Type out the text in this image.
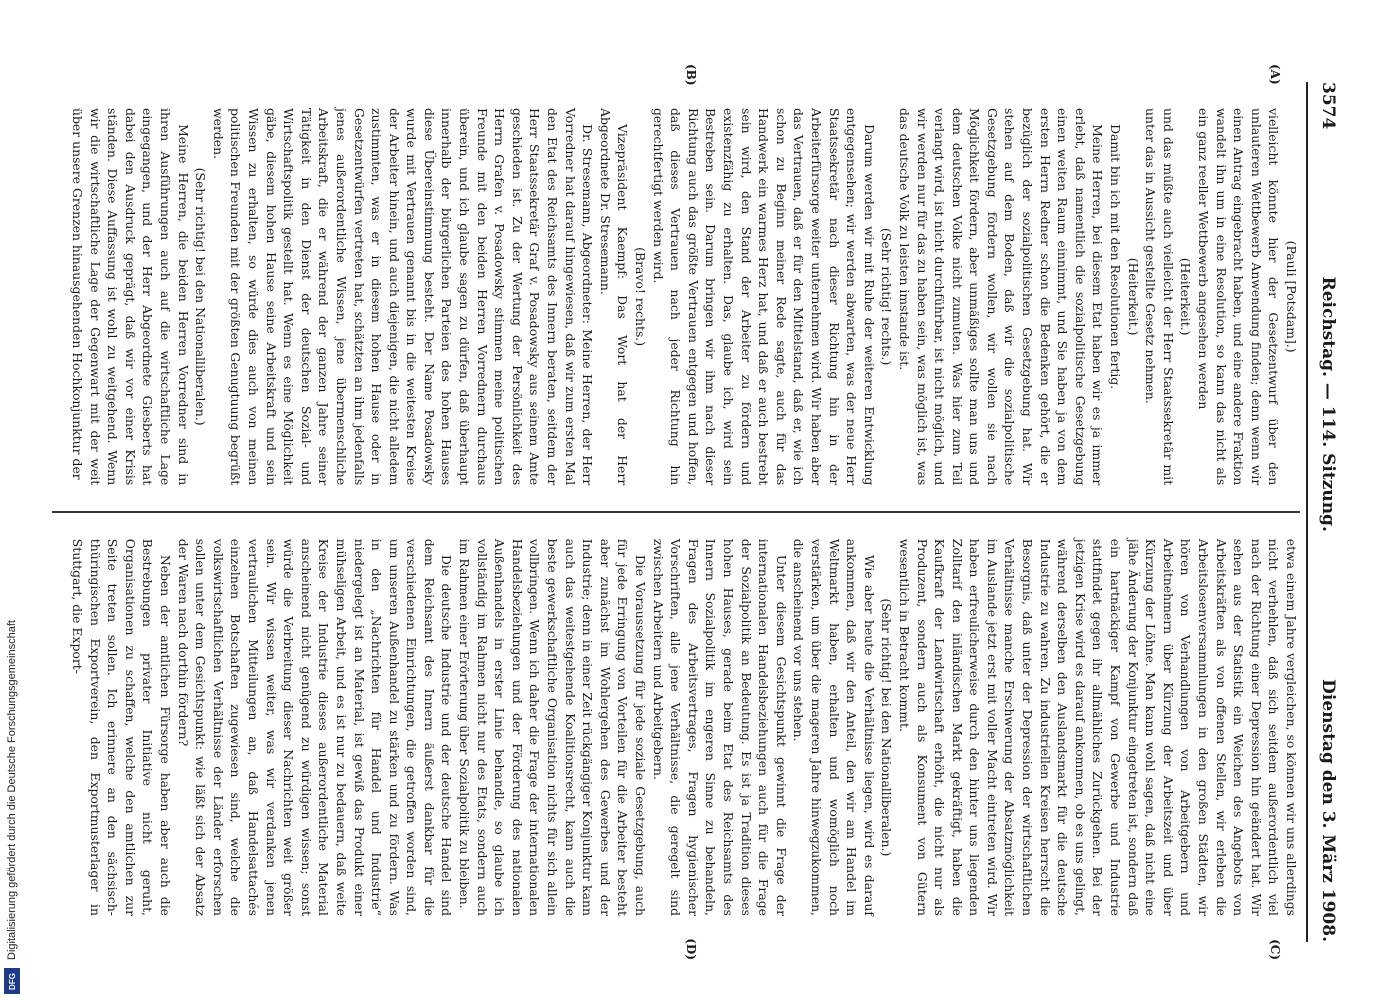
Digitalisierung gefördert durch die Deutsche Forschungsgemeinschaft
DFG
3574
Reichstag. — 114. Sitzung.
Dienstag den 3. März 1908.
(A)
(B)
(C)
(D)

(Pauli [Potsdam].)

vielleicht könnte hier der Gesetzentwurf über den unlauteren Wettbewerb Anwendung finden; denn wenn wir einen Antrag eingebracht haben, und eine andere Fraktion wandelt ihn um in eine Resolution, so kann das nicht als ein ganz reeller Wettbewerb angesehen werden

(Heiterkeit.)

und das müßte auch vielleicht der Herr Staatssekretär mit unter das in Aussicht gestellte Gesetz nehmen.

(Heiterkeit.)

Damit bin ich mit den Resolutionen fertig.

Meine Herren, bei diesem Etat haben wir es ja immer erlebt, daß namentlich die sozialpolitische Gesetzgebung einen weiten Raum einnimmt, und Sie haben ja von dem ersten Herrn Redner schon die Bedenken gehört, die er bezüglich der sozialpolitischen Gesetzgebung hat. Wir stehen auf dem Boden, daß wir die sozialpolitische Gesetzgebung fördern wollen, wir wollen sie nach Möglichkeit fördern, aber unmäßiges sollte man uns und dem deutschen Volke nicht zumuten. Was hier zum Teil verlangt wird, ist nicht durchführbar, ist nicht möglich, und wir werden nur für das zu haben sein, was möglich ist, was das deutsche Volk zu leisten imstande ist.

(Sehr richtig! rechts.)

Darum werden wir mit Ruhe der weiteren Entwicklung entgegensehen; wir werden abwarten, was der neue Herr Staatssekretär nach dieser Richtung hin in der Arbeiterfürsorge weiter unternehmen wird. Wir haben aber das Vertrauen, daß er für den Mittelstand, daß er, wie ich schon zu Beginn meiner Rede sagte, auch für das Handwerk ein warmes Herz hat, und daß er auch bestrebt sein wird, den Stand der Arbeiter zu fördern und existenzfähig zu erhalten. Das, glaube ich, wird sein Bestreben sein. Darum bringen wir ihm nach dieser Richtung auch das größte Vertrauen entgegen und hoffen, daß dieses Vertrauen nach jeder Richtung hin gerechtfertigt werden wird.

(Bravo! rechts.)

Vizepräsident Kaempf: Das Wort hat der Herr Abgeordnete Dr. Stresemann.

Dr. Stresemann, Abgeordneter: Meine Herren, der Herr Vorredner hat darauf hingewiesen, daß wir zum ersten Mal den Etat des Reichsamts des Innern beraten, seitdem der Herr Staatssekretär Graf v. Posadowsky aus seinem Amte geschieden ist. Zu der Wertung der Persönlichkeit des Herrn Grafen v. Posadowsky stimmen meine politischen Freunde mit den beiden Herren Vorrednern durchaus überein, und ich glaube sagen zu dürfen, daß überhaupt innerhalb der bürgerlichen Parteien des hohen Hauses diese Übereinstimmung besteht. Der Name Posadowsky wurde mit Vertrauen genannt bis in die weitesten Kreise der Arbeiter hinein, und auch diejenigen, die nicht alledem zustimmten, was er in diesem hohen Hause oder in Gesetzentwürfen vertreten hat, schätzten an ihm jedenfalls jenes außerordentliche Wissen, jene übermenschliche Arbeitskraft, die er während der ganzen Jahre seiner Tätigkeit in den Dienst der deutschen Sozial- und Wirtschaftspolitik gestellt hat. Wenn es eine Möglichkeit gäbe, diesem hohen Hause seine Arbeitskraft und sein Wissen zu erhalten, so würde dies auch von meinen politischen Freunden mit der größten Genugtuung begrüßt werden.

(Sehr richtig! bei den Nationalliberalen.)

Meine Herren, die beiden Herren Vorredner sind in ihren Ausführungen auch auf die wirtschaftliche Lage eingegangen, und der Herr Abgeordnete Giesberts hat dabei den Ausdruck geprägt, daß wir vor einer Krisis ständen. Diese Auffassung ist wohl zu weitgehend. Wenn wir die wirtschaftliche Lage der Gegenwart mit der weit über unsere Grenzen hinausgehenden Hochkonjunktur der

etwa einem Jahre vergleichen, so können wir uns allerdings nicht verhehlen, daß sich seitdem außerordentlich viel nach der Richtung einer Depression hin geändert hat. Wir sehen aus der Statistik ein Weichen des Angebots von Arbeitskräften als von offenen Stellen, wir erleben die Arbeitslosenversammlungen in den großen Städten, wir hören von Verhandlungen von Arbeitgebern und Arbeitnehmern über Kürzung der Arbeitszeit und über Kürzung der Löhne. Man kann wohl sagen, daß nicht eine jähe Änderung der Konjunktur eingetreten ist, sondern daß ein hartnäckiger Kampf von Gewerbe und Industrie stattfindet gegen ihr allmähliches Zurückgehen. Bei der jetzigen Krise wird es darauf ankommen, ob es uns gelingt, während derselben den Auslandsmarkt für die deutsche Industrie zu wahren. Zu industriellen Kreisen herrscht die Besorgnis, daß unter der Depression der wirtschaftlichen Verhältnisse manche Erschwerung der Absatzmöglichkeit im Auslande jetzt erst mit voller Macht eintreten wird. Wir haben erfreulicherweise durch den hinter uns liegenden Zolltarif den inländischen Markt gekräftigt, haben die Kaufkraft der Landwirtschaft erhöht, die nicht nur als Produzent, sondern auch als Konsument von Gütern wesentlich in Betracht kommt.

(Sehr richtig! bei den Nationalliberalen.)

Wie aber heute die Verhältnisse liegen, wird es darauf ankommen, daß wir den Anteil, den wir am Handel im Weltmarkt haben, erhalten und womöglich noch verstärken, um über die mageren Jahre hinwegzukommen, die anscheinend vor uns stehen.

Unter diesem Gesichtspunkt gewinnt die Frage der internationalen Handelsbeziehungen auch für die Frage der Sozialpolitik an Bedeutung. Es ist ja Tradition dieses hohen Hauses, gerade beim Etat des Reichsamts des Innern Sozialpolitik im engeren Sinne zu behandeln, Fragen des Arbeitsvertrages, Fragen hygienischer Vorschriften, alle jene Verhältnisse, die geregelt sind zwischen Arbeitern und Arbeitgebern.

Die Voraussetzung für jede soziale Gesetzgebung, auch für jede Erringung von Vorteilen für die Arbeiter besteht aber zunächst im Wohlergehen des Gewerbes und der Industrie; denn in einer Zeit rückgängiger Konjunktur kann auch das weitestgehende Koalitionsrecht, kann auch die beste gewerkschaftliche Organisation nichts für sich allein vollbringen. Wenn ich daher die Frage der internationalen Handelsbeziehungen und der Förderung des nationalen Außenhandels in erster Linie behandle, so glaube ich vollständig im Rahmen nicht nur des Etats, sondern auch im Rahmen einer Erörterung über Sozialpolitik zu bleiben.

Die deutsche Industrie und der deutsche Handel sind dem Reichsamt des Innern äußerst dankbar für die verschiedenen Einrichtungen, die getroffen worden sind, um unseren Außenhandel zu stärken und zu fördern. Was in den „Nachrichten für Handel und Industrie“ niedergelegt ist an Material, ist gewiß das Produkt einer mühseligen Arbeit, und es ist nur zu bedauern, daß weite Kreise der Industrie dieses außerordentliche Material anscheinend nicht genügend zu würdigen wissen; sonst würde die Verbreitung dieser Nachrichten weit größer sein. Wir wissen weiter, was wir verdanken jenen vertraulichen Mitteilungen an, daß Handelsattachés einzelnen Botschaften zugewiesen sind, welche die volkswirtschaftlichen Verhältnisse der Länder erforschen sollen unter dem Gesichtspunkt: wie läßt sich der Absatz der Waren nach dorthin fördern?

Neben der amtlichen Fürsorge haben aber auch die Bestrebungen privater Initiative nicht geruht, Organisationen zu schaffen, welche den amtlichen zur Seite treten sollen. Ich erinnere an den sächsisch-thüringischen Exportverein, den Exportmusterlager in Stuttgart, die Export-
